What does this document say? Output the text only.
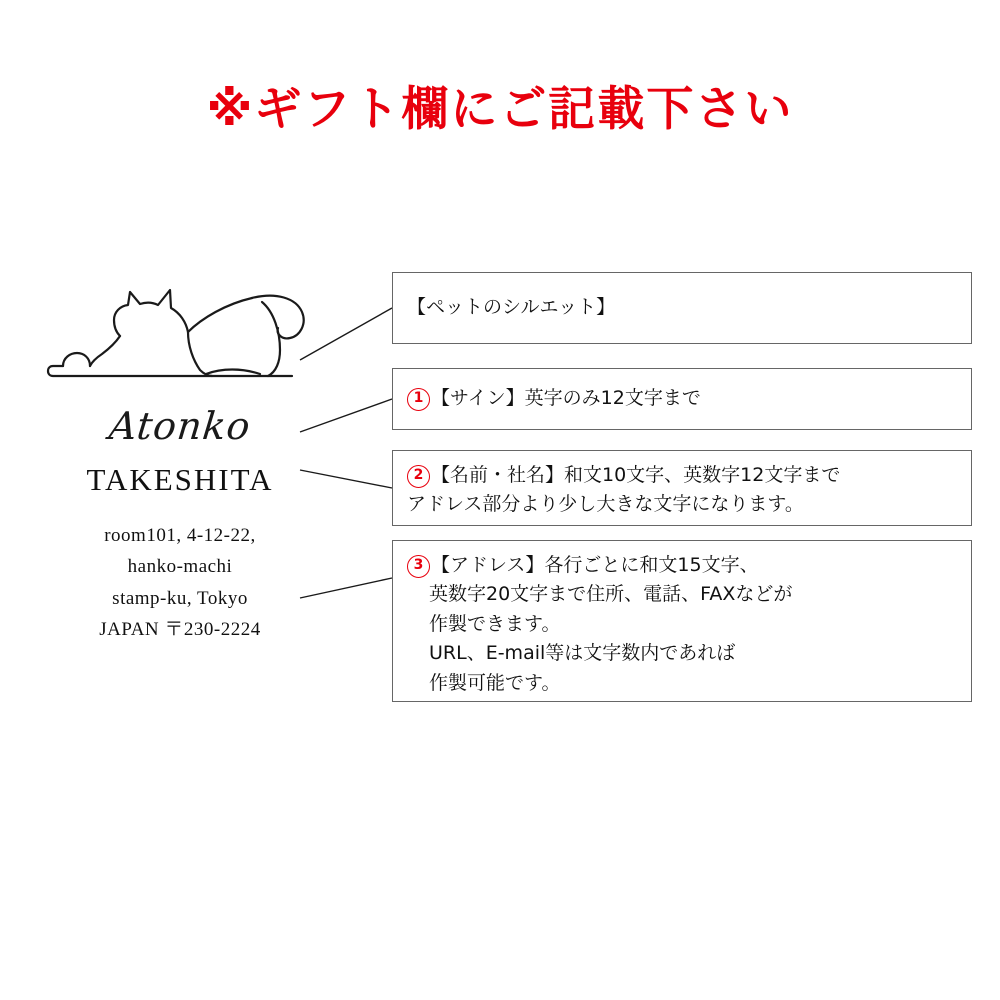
※ギフト欄にご記載下さい
Atonko
TAKESHITA
room101, 4-12-22,
hanko-machi
stamp-ku, Tokyo
JAPAN 〒230-2224
【ペットのシルエット】
1 【サイン】英字のみ12文字まで
2 【名前・社名】和文10文字、英数字12文字まで
アドレス部分より少し大きな文字になります。
3 【アドレス】各行ごとに和文15文字、
英数字20文字まで住所、電話、FAXなどが
作製できます。
URL、E-mail等は文字数内であれば
作製可能です。
